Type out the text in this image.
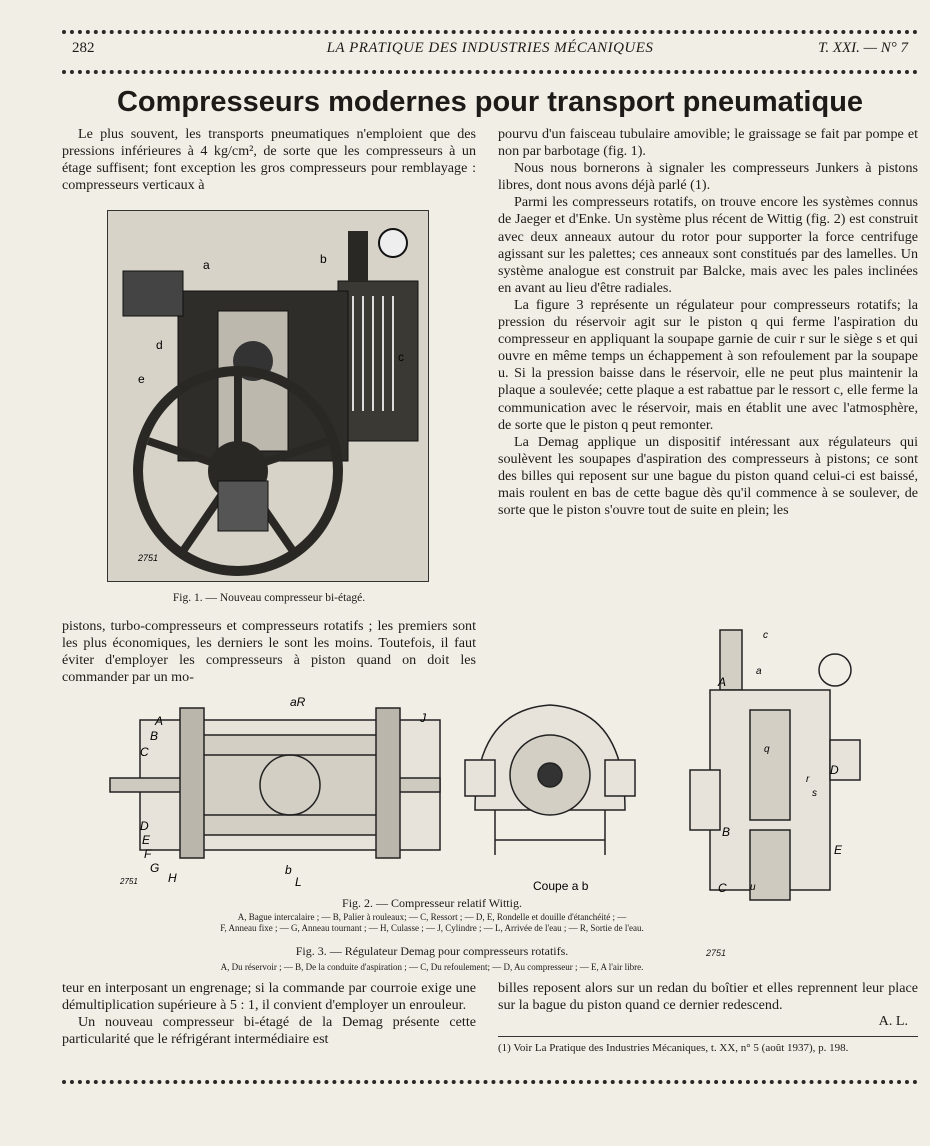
282	LA PRATIQUE DES INDUSTRIES MÉCANIQUES	T. XXI. — N° 7
Compresseurs modernes pour transport pneumatique

Le plus souvent, les transports pneumatiques n'emploient que des pressions inférieures à 4 kg/cm², de sorte que les compresseurs à un étage suffisent; font exception les gros compresseurs pour remblayage : compresseurs verticaux à

a	b
c
d
e
2751
Fig. 1. — Nouveau compresseur bi-étagé.

pourvu d'un faisceau tubulaire amovible; le graissage se fait par pompe et non par barbotage (fig. 1).

Nous nous bornerons à signaler les compresseurs Junkers à pistons libres, dont nous avons déjà parlé (1).

Parmi les compresseurs rotatifs, on trouve encore les systèmes connus de Jaeger et d'Enke. Un système plus récent de Wittig (fig. 2) est construit avec deux anneaux autour du rotor pour supporter la force centrifuge agissant sur les palettes; ces anneaux sont constitués par des lamelles. Un système analogue est construit par Balcke, mais avec les pales inclinées en avant au lieu d'être radiales.

La figure 3 représente un régulateur pour compresseurs rotatifs; la pression du réservoir agit sur le piston q qui ferme l'aspiration du compresseur en appliquant la soupape garnie de cuir r sur le siège s et qui ouvre en même temps un échappement à son refoulement par la soupape u. Si la pression baisse dans le réservoir, elle ne peut plus maintenir la plaque a soulevée; cette plaque a est rabattue par le ressort c, elle ferme la communication avec le réservoir, mais en établit une avec l'atmosphère, de sorte que le piston q peut remonter.

La Demag applique un dispositif intéressant aux régulateurs qui soulèvent les soupapes d'aspiration des compresseurs à pistons; ce sont des billes qui reposent sur une bague du piston quand celui-ci est baissé, mais roulent en bas de cette bague dès qu'il commence à se soulever, de sorte que le piston s'ouvre tout de suite en plein; les

pistons, turbo-compresseurs et compresseurs rotatifs ; les premiers sont les plus économiques, les derniers le sont les moins. Toutefois, il faut éviter d'employer les compresseurs à piston quand on doit les commander par un mo-

aR
A
B
C
D
E
F
G
H
J
b
L
2751	Coupe a b
c
a
A
q
D
r
s
B
E
C u
Fig. 2. — Compresseur relatif Wittig.
A, Bague intercalaire ; — B, Palier à rouleaux; — C, Ressort ; — D, E, Rondelle et douille d'étanchéité ; —
F, Anneau fixe ; — G, Anneau tournant ; — H, Culasse ; — J, Cylindre ; — L, Arrivée de l'eau ; — R, Sortie de l'eau.
Fig. 3. — Régulateur Demag pour compresseurs rotatifs.
A, Du réservoir ; — B, De la conduite d'aspiration ; — C, Du refoulement; — D, Au compresseur ; — E, A l'air libre.
2751

teur en interposant un engrenage; si la commande par courroie exige une démultiplication supérieure à 5 : 1, il convient d'employer un enrouleur.

Un nouveau compresseur bi-étagé de la Demag présente cette particularité que le réfrigérant intermédiaire est

billes reposent alors sur un redan du boîtier et elles reprennent leur place sur la bague du piston quand ce dernier redescend.

A. L.
(1) Voir La Pratique des Industries Mécaniques, t. XX, n° 5 (août 1937), p. 198.
